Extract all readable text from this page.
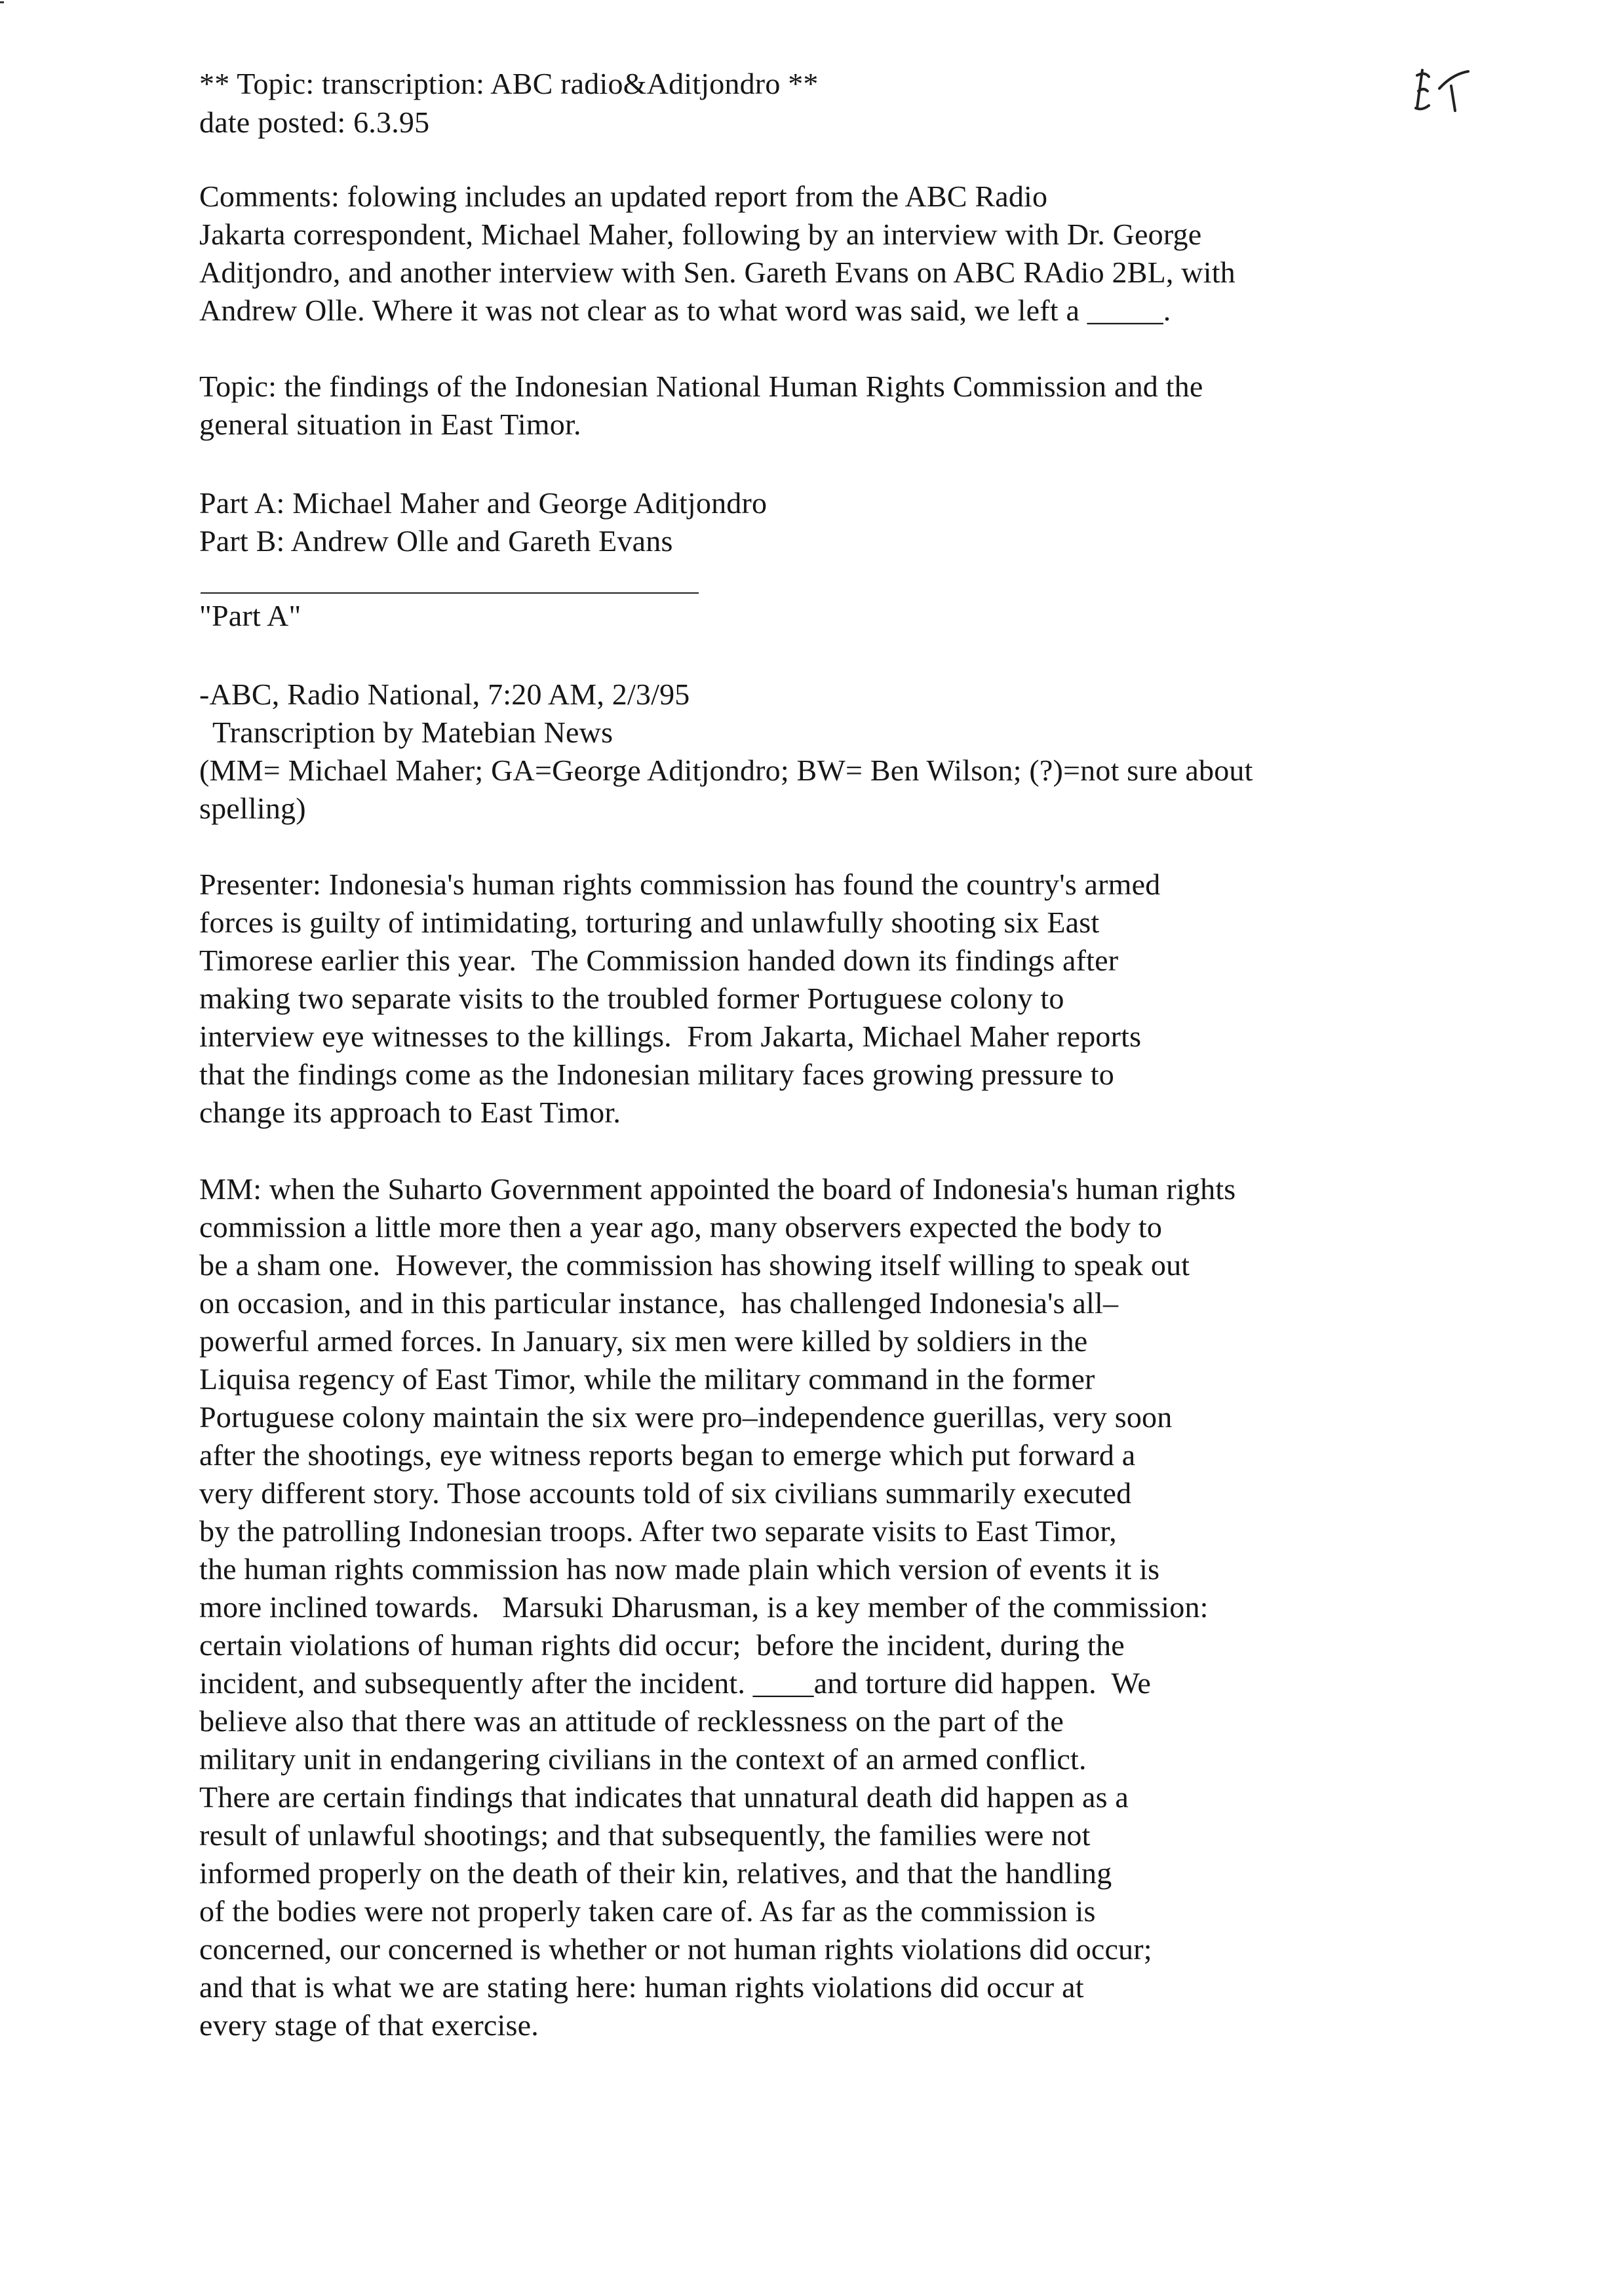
** Topic: transcription: ABC radio&Aditjondro **
date posted: 6.3.95
Comments: folowing includes an updated report from the ABC Radio
Jakarta correspondent, Michael Maher, following by an interview with Dr. George
Aditjondro, and another interview with Sen. Gareth Evans on ABC RAdio 2BL, with
Andrew Olle. Where it was not clear as to what word was said, we left a _____.
Topic: the findings of the Indonesian National Human Rights Commission and the
general situation in East Timor.
Part A: Michael Maher and George Aditjondro
Part B: Andrew Olle and Gareth Evans
"Part A"
-ABC, Radio National, 7:20 AM, 2/3/95
Transcription by Matebian News
(MM= Michael Maher; GA=George Aditjondro; BW= Ben Wilson; (?)=not sure about
spelling)
Presenter: Indonesia's human rights commission has found the country's armed
forces is guilty of intimidating, torturing and unlawfully shooting six East
Timorese earlier this year.  The Commission handed down its findings after
making two separate visits to the troubled former Portuguese colony to
interview eye witnesses to the killings.  From Jakarta, Michael Maher reports
that the findings come as the Indonesian military faces growing pressure to
change its approach to East Timor.
MM: when the Suharto Government appointed the board of Indonesia's human rights
commission a little more then a year ago, many observers expected the body to
be a sham one.  However, the commission has showing itself willing to speak out
on occasion, and in this particular instance,  has challenged Indonesia's all–
powerful armed forces. In January, six men were killed by soldiers in the
Liquisa regency of East Timor, while the military command in the former
Portuguese colony maintain the six were pro–independence guerillas, very soon
after the shootings, eye witness reports began to emerge which put forward a
very different story. Those accounts told of six civilians summarily executed
by the patrolling Indonesian troops. After two separate visits to East Timor,
the human rights commission has now made plain which version of events it is
more inclined towards.   Marsuki Dharusman, is a key member of the commission:
certain violations of human rights did occur;  before the incident, during the
incident, and subsequently after the incident. ____and torture did happen.  We
believe also that there was an attitude of recklessness on the part of the
military unit in endangering civilians in the context of an armed conflict.
There are certain findings that indicates that unnatural death did happen as a
result of unlawful shootings; and that subsequently, the families were not
informed properly on the death of their kin, relatives, and that the handling
of the bodies were not properly taken care of. As far as the commission is
concerned, our concerned is whether or not human rights violations did occur;
and that is what we are stating here: human rights violations did occur at
every stage of that exercise.
